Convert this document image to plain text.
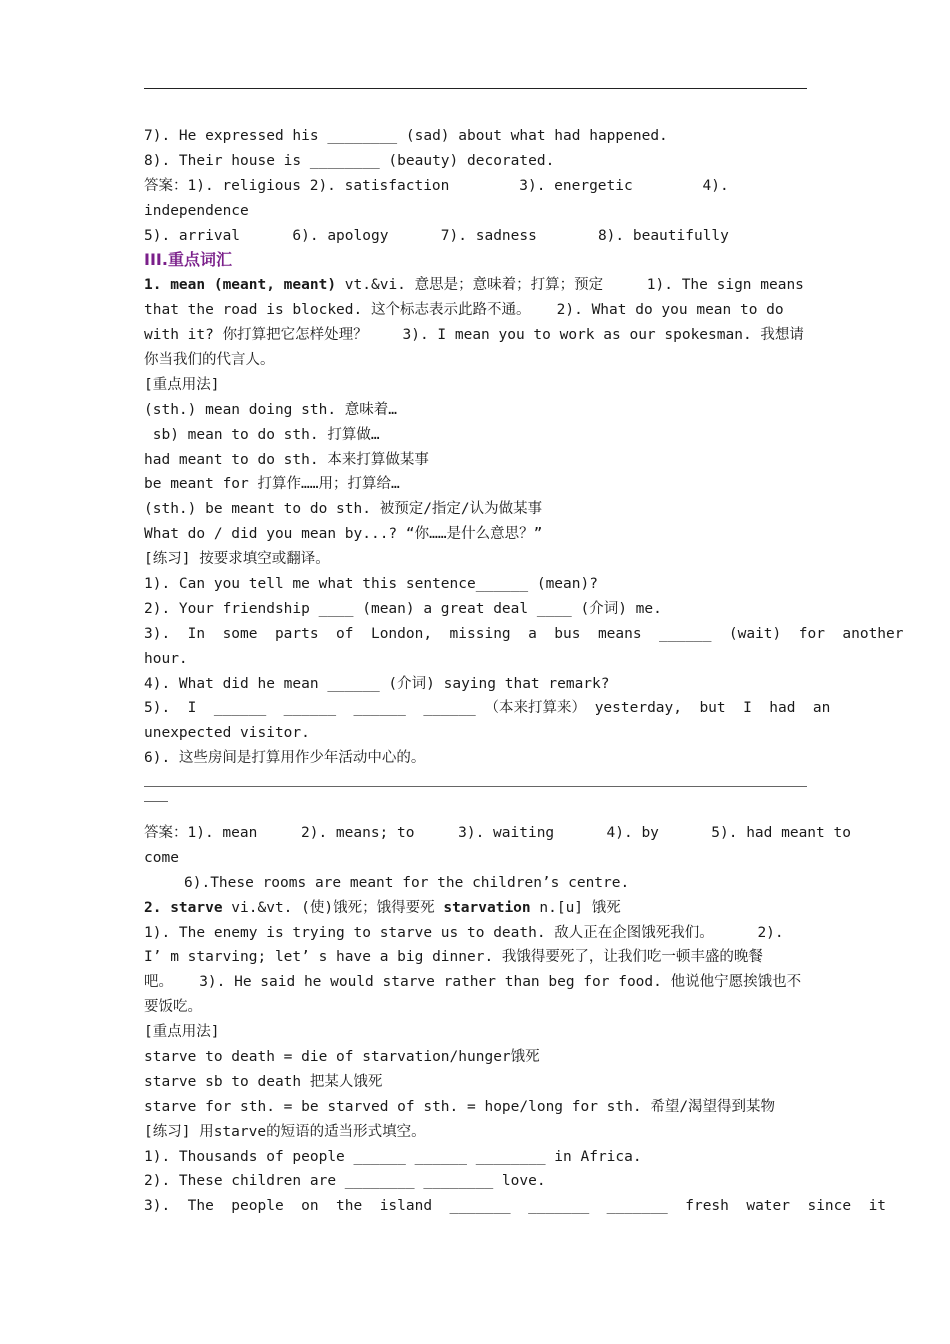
7). He expressed his ________ (sad) about what had happened.
8). Their house is ________ (beauty) decorated.
答案：1). religious 2). satisfaction        3). energetic        4).
independence
5). arrival      6). apology      7). sadness       8). beautifully
III.重点词汇
1. mean (meant, meant) vt.&vi. 意思是；意味着；打算；预定     1). The sign means
that the road is blocked. 这个标志表示此路不通。   2). What do you mean to do
with it? 你打算把它怎样处理？    3). I mean you to work as our spokesman. 我想请
你当我们的代言人。
[重点用法]
(sth.) mean doing sth. 意味着…
sb) mean to do sth. 打算做…
had meant to do sth. 本来打算做某事
be meant for 打算作……用；打算给…
(sth.) be meant to do sth. 被预定/指定/认为做某事
What do / did you mean by...? “你……是什么意思？”
[练习] 按要求填空或翻译。
1). Can you tell me what this sentence______ (mean)?
2). Your friendship ____ (mean) a great deal ____ (介词) me.
3).  In  some  parts  of  London,  missing  a  bus  means  ______  (wait)  for  another
hour.
4). What did he mean ______ (介词) saying that remark?
5).  I  ______  ______  ______  ______ （本来打算来） yesterday,  but  I  had  an
unexpected visitor.
6). 这些房间是打算用作少年活动中心的。
答案：1). mean     2). means; to     3). waiting      4). by      5). had meant to
come
6).These rooms are meant for the children’s centre.
2. starve vi.&vt. (使)饿死；饿得要死 starvation n.[u] 饿死
1). The enemy is trying to starve us to death. 敌人正在企图饿死我们。     2).
I’ m starving; let’ s have a big dinner. 我饿得要死了，让我们吃一顿丰盛的晚餐
吧。   3). He said he would starve rather than beg for food. 他说他宁愿挨饿也不
要饭吃。
[重点用法]
starve to death = die of starvation/hunger饿死
starve sb to death 把某人饿死
starve for sth. = be starved of sth. = hope/long for sth. 希望/渴望得到某物
[练习] 用starve的短语的适当形式填空。
1). Thousands of people ______ ______ ________ in Africa.
2). These children are ________ ________ love.
3).  The  people  on  the  island  _______  _______  _______  fresh  water  since  it
